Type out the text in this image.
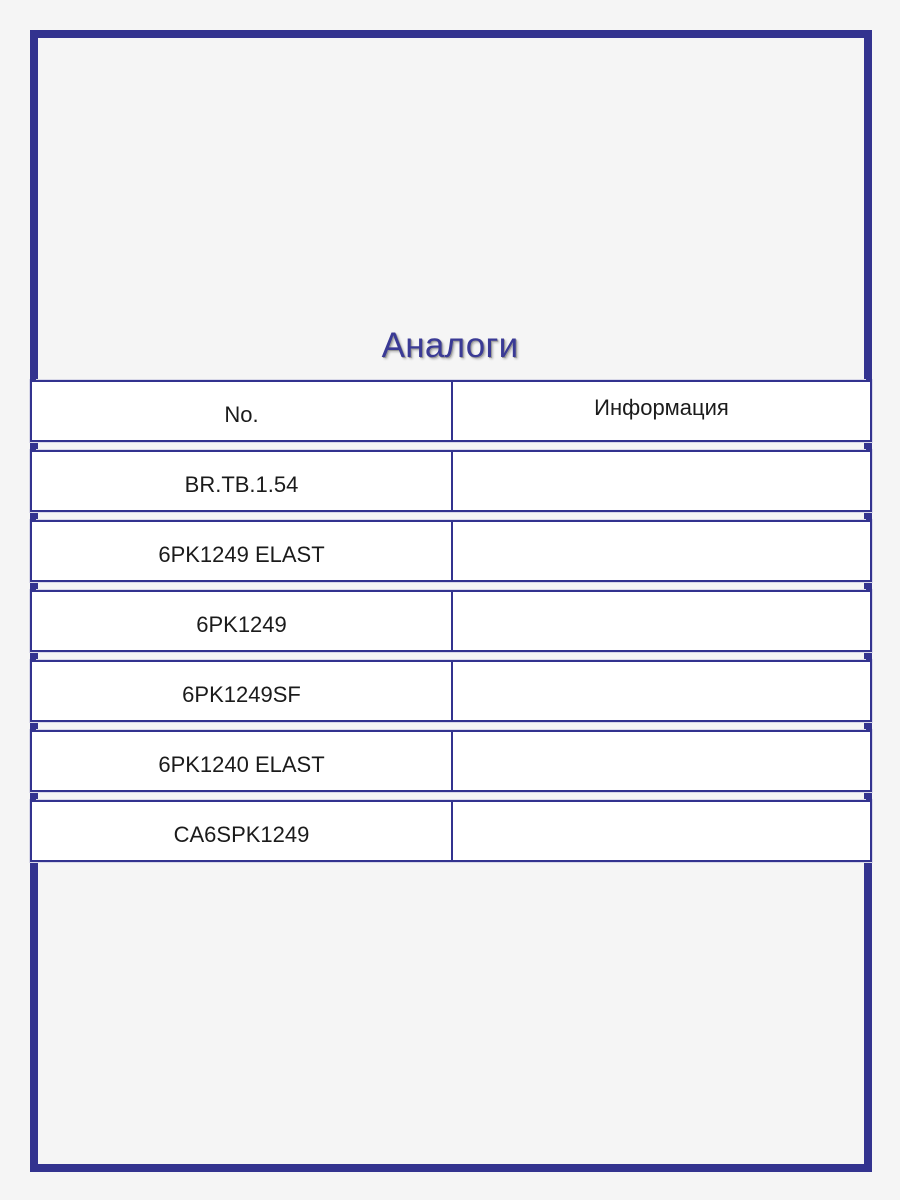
Аналоги
No.	Информация
BR.TB.1.54
6PK1249 ELAST
6PK1249
6PK1249SF
6PK1240 ELAST
CA6SPK1249
